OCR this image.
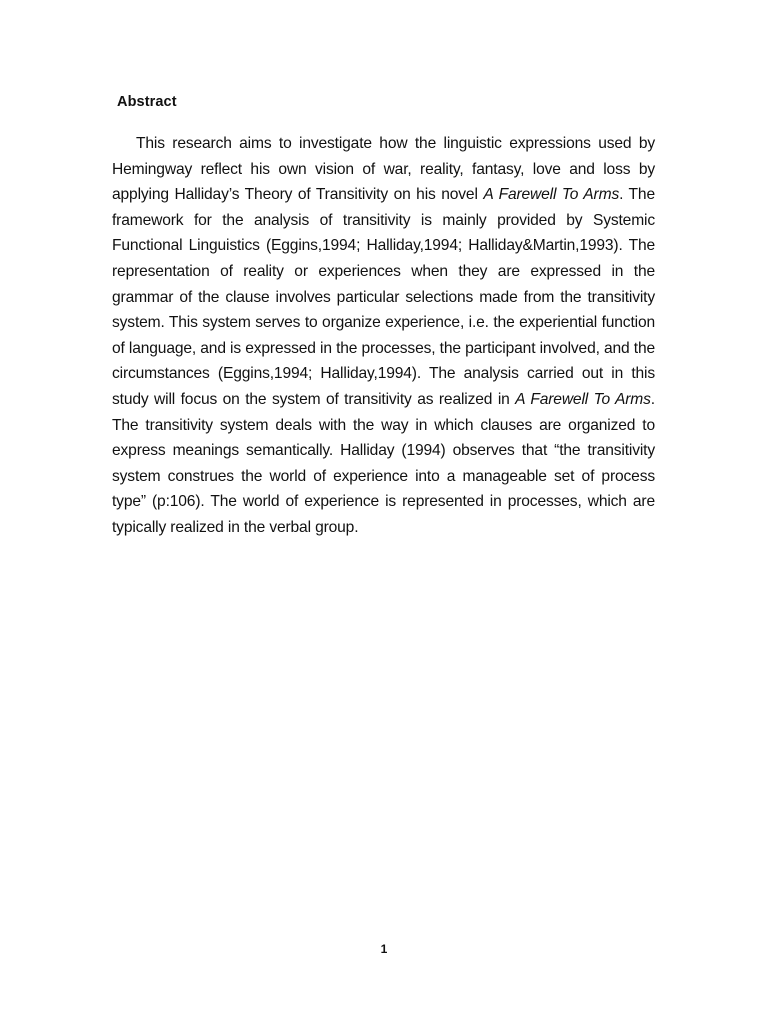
Abstract

This research aims to investigate how the linguistic expressions used by Hemingway reflect his own vision of war, reality, fantasy, love and loss by applying Halliday’s Theory of Transitivity on his novel A Farewell To Arms. The framework for the analysis of transitivity is mainly provided by Systemic Functional Linguistics (Eggins,1994; Halliday,1994; Halliday&Martin,1993). The representation of reality or experiences when they are expressed in the grammar of the clause involves particular selections made from the transitivity system. This system serves to organize experience, i.e. the experiential function of language, and is expressed in the processes, the participant involved, and the circumstances (Eggins,1994; Halliday,1994). The analysis carried out in this study will focus on the system of transitivity as realized in A Farewell To Arms. The transitivity system deals with the way in which clauses are organized to express meanings semantically. Halliday (1994) observes that “the transitivity system construes the world of experience into a manageable set of process type” (p:106). The world of experience is represented in processes, which are typically realized in the verbal group.

1
